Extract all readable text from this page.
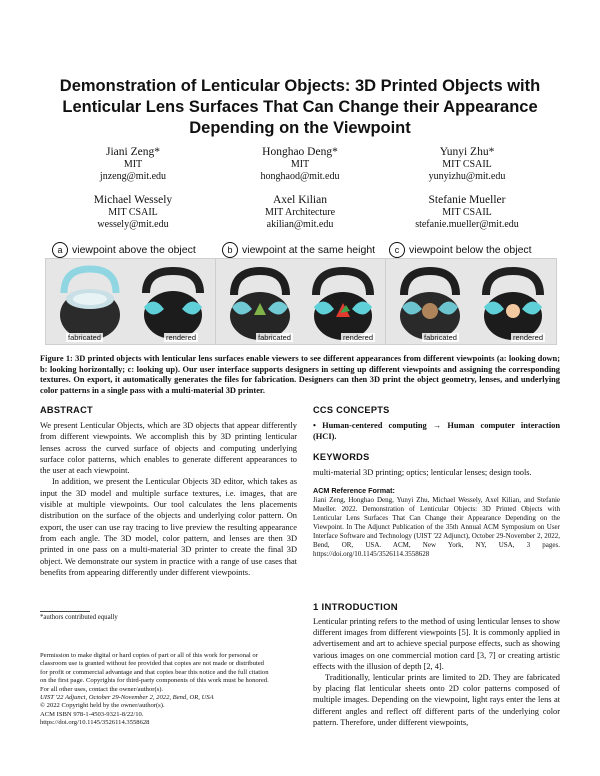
Demonstration of Lenticular Objects: 3D Printed Objects with
Lenticular Lens Surfaces That Can Change their Appearance
Depending on the Viewpoint
Jiani Zeng*
MIT
jnzeng@mit.edu
Honghao Deng*
MIT
honghaod@mit.edu
Yunyi Zhu*
MIT CSAIL
yunyizhu@mit.edu
Michael Wessely
MIT CSAIL
wessely@mit.edu
Axel Kilian
MIT Architecture
akilian@mit.edu
Stefanie Mueller
MIT CSAIL
stefanie.mueller@mit.edu
a viewpoint above the object	b viewpoint at the same height	c viewpoint below the object
fabricated	rendered	fabricated	rendered	fabricated	rendered
Figure 1: 3D printed objects with lenticular lens surfaces enable viewers to see different appearances from different viewpoints (a: looking down; b: looking horizontally; c: looking up). Our user interface supports designers in setting up different viewpoints and assigning the corresponding textures. On export, it automatically generates the files for fabrication. Designers can then 3D print the object geometry, lenses, and underlying color patterns in a single pass with a multi-material 3D printer.
ABSTRACT

We present Lenticular Objects, which are 3D objects that appear differently from different viewpoints. We accomplish this by 3D printing lenticular lenses across the curved surface of objects and computing underlying surface color patterns, which enables to generate different appearances to the user at each viewpoint.

In addition, we present the Lenticular Objects 3D editor, which takes as input the 3D model and multiple surface textures, i.e. images, that are visible at multiple viewpoints. Our tool calculates the lens placements distribution on the surface of the objects and underlying color pattern. On export, the user can use ray tracing to live preview the resulting appearance from each angle. The 3D model, color pattern, and lenses are then 3D printed in one pass on a multi-material 3D printer to create the final 3D object. We demonstrate our system in practice with a range of use cases that benefits from appearing differently under different viewpoints.

*authors contributed equally
Permission to make digital or hard copies of part or all of this work for personal or
classroom use is granted without fee provided that copies are not made or distributed
for profit or commercial advantage and that copies bear this notice and the full citation
on the first page. Copyrights for third-party components of this work must be honored.
For all other uses, contact the owner/author(s).
UIST '22 Adjunct, October 29-November 2, 2022, Bend, OR, USA
© 2022 Copyright held by the owner/author(s).
ACM ISBN 978-1-4503-9321-8/22/10.
https://doi.org/10.1145/3526114.3558628
CCS CONCEPTS

• Human-centered computing → Human computer interaction (HCI).

KEYWORDS

multi-material 3D printing; optics; lenticular lenses; design tools.

ACM Reference Format:

Jiani Zeng, Honghao Deng, Yunyi Zhu, Michael Wessely, Axel Kilian, and Stefanie Mueller. 2022. Demonstration of Lenticular Objects: 3D Printed Objects with Lenticular Lens Surfaces That Can Change their Appearance Depending on the Viewpoint. In The Adjunct Publication of the 35th Annual ACM Symposium on User Interface Software and Technology (UIST '22 Adjunct), October 29-November 2, 2022, Bend, OR, USA. ACM, New York, NY, USA, 3 pages. https://doi.org/10.1145/3526114.3558628

1 INTRODUCTION

Lenticular printing refers to the method of using lenticular lenses to show different images from different viewpoints [5]. It is commonly applied in advertisement and art to achieve special purpose effects, such as showing various images on one commercial motion card [3, 7] or creating artistic effects with the illusion of depth [2, 4].

Traditionally, lenticular prints are limited to 2D. They are fabricated by placing flat lenticular sheets onto 2D color patterns composed of multiple images. Depending on the viewpoint, light rays enter the lens at different angles and reflect off different parts of the underlying color pattern. Therefore, under different viewpoints,
